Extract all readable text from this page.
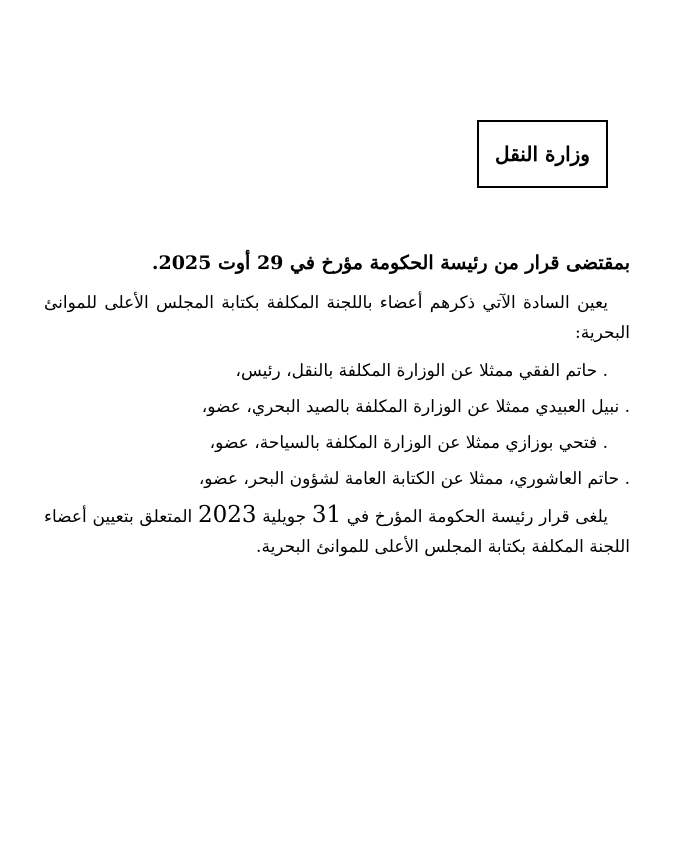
وزارة النقل

بمقتضى قرار من رئيسة الحكومة مؤرخ في 29 أوت 2025.

يعين السادة الآتي ذكرهم أعضاء باللجنة المكلفة بكتابة المجلس الأعلى للموانئ البحرية:

. حاتم الفقي ممثلا عن الوزارة المكلفة بالنقل، رئيس،
. نبيل العبيدي ممثلا عن الوزارة المكلفة بالصيد البحري، عضو،
. فتحي بوزازي ممثلا عن الوزارة المكلفة بالسياحة، عضو،
. حاتم العاشوري، ممثلا عن الكتابة العامة لشؤون البحر، عضو،

يلغى قرار رئيسة الحكومة المؤرخ في 31 جويلية 2023 المتعلق بتعيين أعضاء اللجنة المكلفة بكتابة المجلس الأعلى للموانئ البحرية.
